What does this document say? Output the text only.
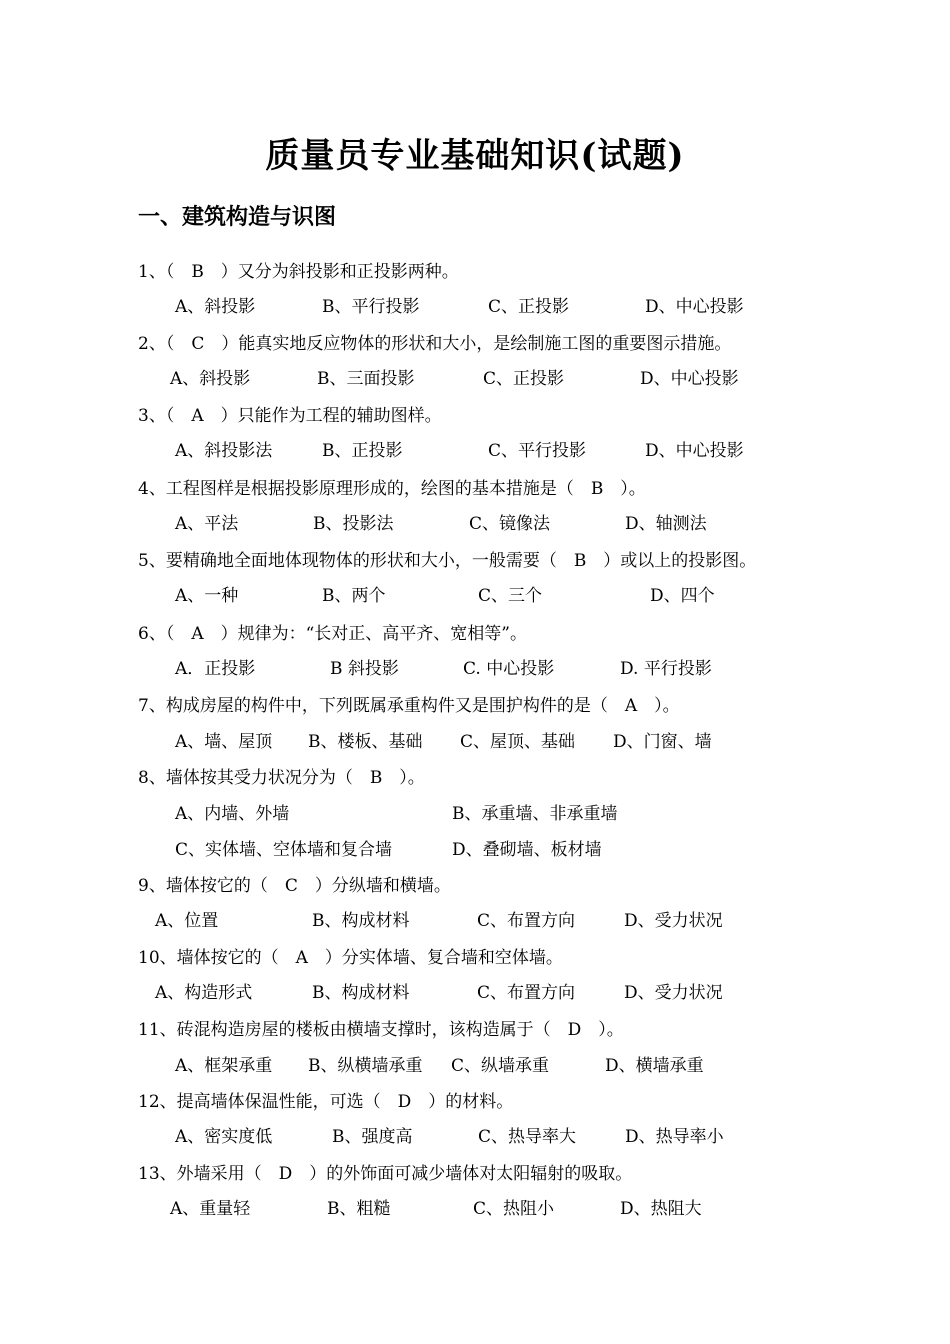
质量员专业基础知识(试题)
一、建筑构造与识图
1、（　B　）又分为斜投影和正投影两种。
A、斜投影	B、平行投影	C、正投影	D、中心投影
2、（　C　）能真实地反应物体的形状和大小，是绘制施工图的重要图示措施。
A、斜投影	B、三面投影	C、正投影	D、中心投影
3、（　A　）只能作为工程的辅助图样。
A、斜投影法	B、正投影	C、平行投影	D、中心投影
4、工程图样是根据投影原理形成的，绘图的基本措施是（　B　）。
A、平法	B、投影法	C、镜像法	D、轴测法
5、要精确地全面地体现物体的形状和大小，一般需要（　B　）或以上的投影图。
A、一种	B、两个	C、三个	D、四个
6、（　A　）规律为：“长对正、高平齐、宽相等”。
A．正投影	B 斜投影	C. 中心投影	D. 平行投影
7、构成房屋的构件中，下列既属承重构件又是围护构件的是（　A　）。
A、墙、屋顶 B、楼板、基础 C、屋顶、基础 D、门窗、墙
8、墙体按其受力状况分为（　B　）。
A、内墙、外墙	B、承重墙、非承重墙
C、实体墙、空体墙和复合墙	D、叠砌墙、板材墙
9、墙体按它的（　C　）分纵墙和横墙。
A、位置	B、构成材料	C、布置方向	D、受力状况
10、墙体按它的（　A　）分实体墙、复合墙和空体墙。
A、构造形式	B、构成材料	C、布置方向	D、受力状况
11、砖混构造房屋的楼板由横墙支撑时，该构造属于（　D　）。
A、框架承重 B、纵横墙承重 C、纵墙承重	D、横墙承重
12、提高墙体保温性能，可选（　D　）的材料。
A、密实度低	B、强度高	C、热导率大	D、热导率小
13、外墙采用（　D　）的外饰面可减少墙体对太阳辐射的吸取。
A、重量轻	B、粗糙	C、热阻小	D、热阻大
